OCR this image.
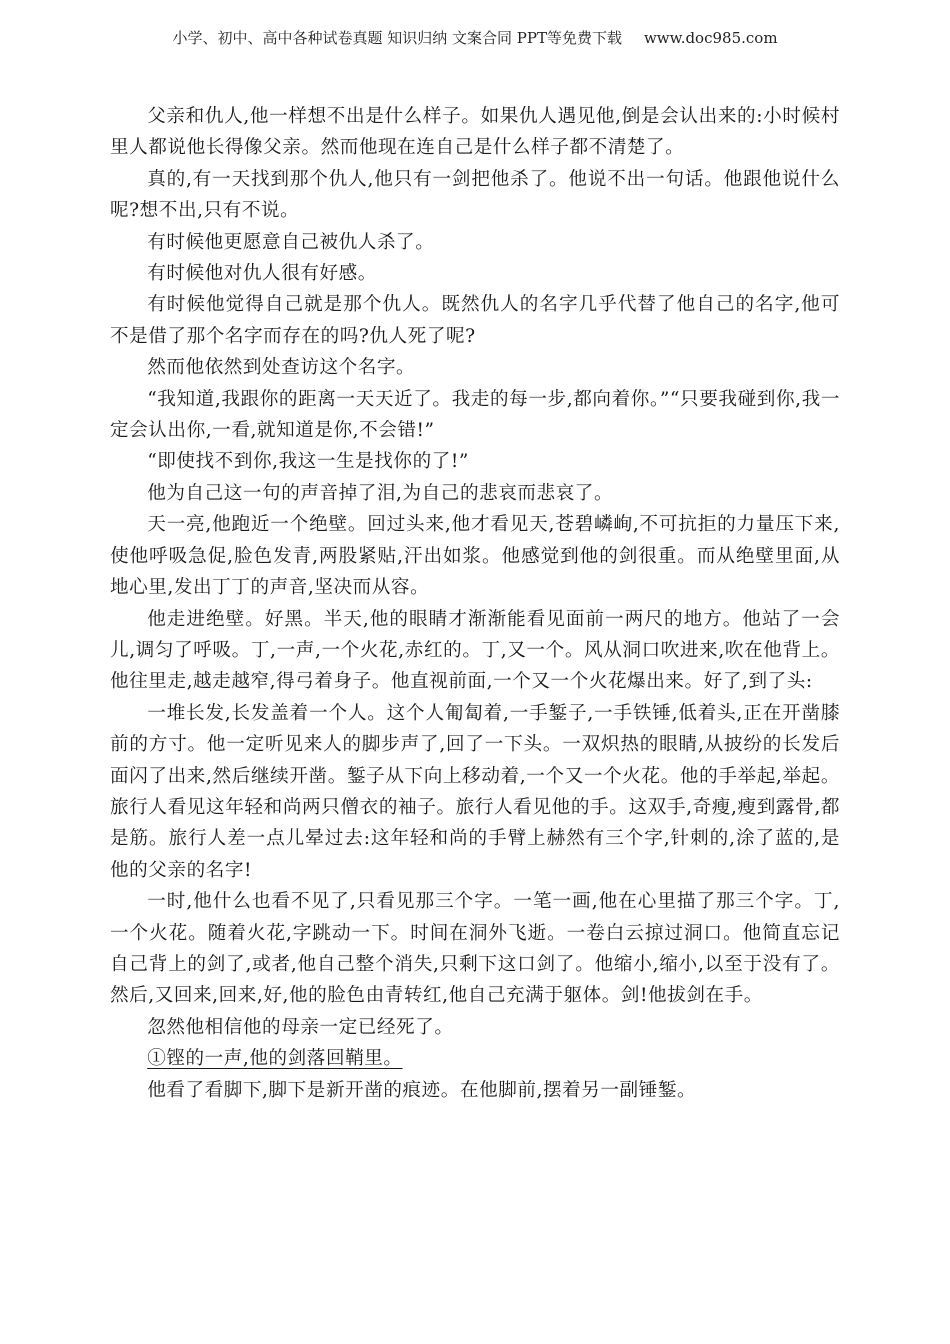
小学、初中、高中各种试卷真题 知识归纳 文案合同 PPT等免费下载 www.doc985.com

父亲和仇人,他一样想不出是什么样子。如果仇人遇见他,倒是会认出来的:小时候村里人都说他长得像父亲。然而他现在连自己是什么样子都不清楚了。

真的,有一天找到那个仇人,他只有一剑把他杀了。他说不出一句话。他跟他说什么呢?想不出,只有不说。

有时候他更愿意自己被仇人杀了。

有时候他对仇人很有好感。

有时候他觉得自己就是那个仇人。既然仇人的名字几乎代替了他自己的名字,他可不是借了那个名字而存在的吗?仇人死了呢?

然而他依然到处查访这个名字。

“我知道,我跟你的距离一天天近了。我走的每一步,都向着你。”“只要我碰到你,我一定会认出你,一看,就知道是你,不会错!”

“即使找不到你,我这一生是找你的了!”

他为自己这一句的声音掉了泪,为自己的悲哀而悲哀了。

天一亮,他跑近一个绝壁。回过头来,他才看见天,苍碧嶙峋,不可抗拒的力量压下来,使他呼吸急促,脸色发青,两股紧贴,汗出如浆。他感觉到他的剑很重。而从绝壁里面,从地心里,发出丁丁的声音,坚决而从容。

他走进绝壁。好黑。半天,他的眼睛才渐渐能看见面前一两尺的地方。他站了一会儿,调匀了呼吸。丁,一声,一个火花,赤红的。丁,又一个。风从洞口吹进来,吹在他背上。他往里走,越走越窄,得弓着身子。他直视前面,一个又一个火花爆出来。好了,到了头:

一堆长发,长发盖着一个人。这个人匍匐着,一手錾子,一手铁锤,低着头,正在开凿膝前的方寸。他一定听见来人的脚步声了,回了一下头。一双炽热的眼睛,从披纷的长发后面闪了出来,然后继续开凿。錾子从下向上移动着,一个又一个火花。他的手举起,举起。旅行人看见这年轻和尚两只僧衣的袖子。旅行人看见他的手。这双手,奇瘦,瘦到露骨,都是筋。旅行人差一点儿晕过去:这年轻和尚的手臂上赫然有三个字,针刺的,涂了蓝的,是他的父亲的名字!

一时,他什么也看不见了,只看见那三个字。一笔一画,他在心里描了那三个字。丁,一个火花。随着火花,字跳动一下。时间在洞外飞逝。一卷白云掠过洞口。他简直忘记自己背上的剑了,或者,他自己整个消失,只剩下这口剑了。他缩小,缩小,以至于没有了。然后,又回来,回来,好,他的脸色由青转红,他自己充满于躯体。剑!他拔剑在手。

忽然他相信他的母亲一定已经死了。

①铿的一声,他的剑落回鞘里。

他看了看脚下,脚下是新开凿的痕迹。在他脚前,摆着另一副锤錾。
